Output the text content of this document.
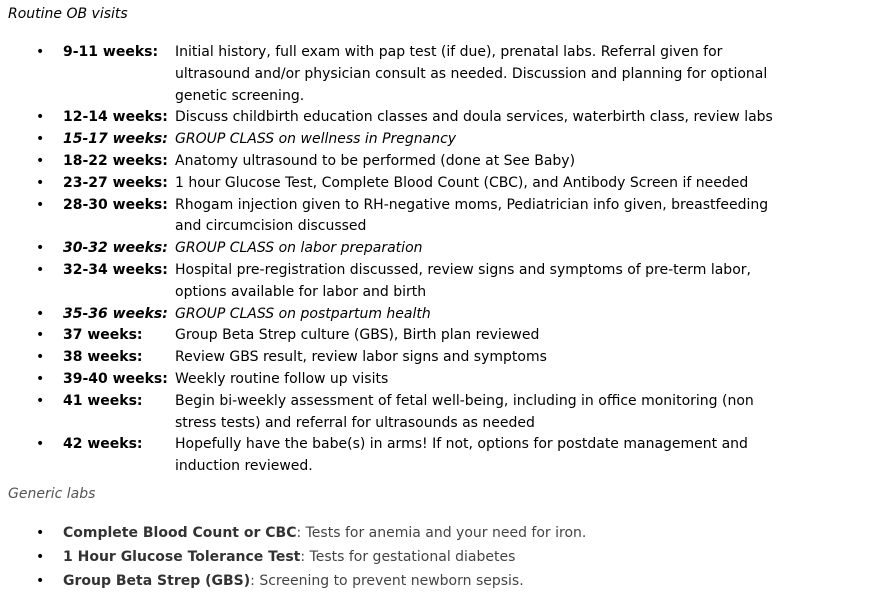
Routine OB visits
• 9-11 weeks: Initial history, full exam with pap test (if due), prenatal labs. Referral given for ultrasound and/or physician consult as needed. Discussion and planning for optional genetic screening.
• 12-14 weeks: Discuss childbirth education classes and doula services, waterbirth class, review labs
• 15-17 weeks: GROUP CLASS on wellness in Pregnancy
• 18-22 weeks: Anatomy ultrasound to be performed (done at See Baby)
• 23-27 weeks: 1 hour Glucose Test, Complete Blood Count (CBC), and Antibody Screen if needed
• 28-30 weeks: Rhogam injection given to RH-negative moms, Pediatrician info given, breastfeeding and circumcision discussed
• 30-32 weeks: GROUP CLASS on labor preparation
• 32-34 weeks: Hospital pre-registration discussed, review signs and symptoms of pre-term labor, options available for labor and birth
• 35-36 weeks: GROUP CLASS on postpartum health
• 37 weeks: Group Beta Strep culture (GBS), Birth plan reviewed
• 38 weeks: Review GBS result, review labor signs and symptoms
• 39-40 weeks: Weekly routine follow up visits
• 41 weeks: Begin bi-weekly assessment of fetal well-being, including in office monitoring (non stress tests) and referral for ultrasounds as needed
• 42 weeks: Hopefully have the babe(s) in arms! If not, options for postdate management and induction reviewed.
Generic labs
• Complete Blood Count or CBC: Tests for anemia and your need for iron.

• 1 Hour Glucose Tolerance Test: Tests for gestational diabetes

• Group Beta Strep (GBS): Screening to prevent newborn sepsis.
